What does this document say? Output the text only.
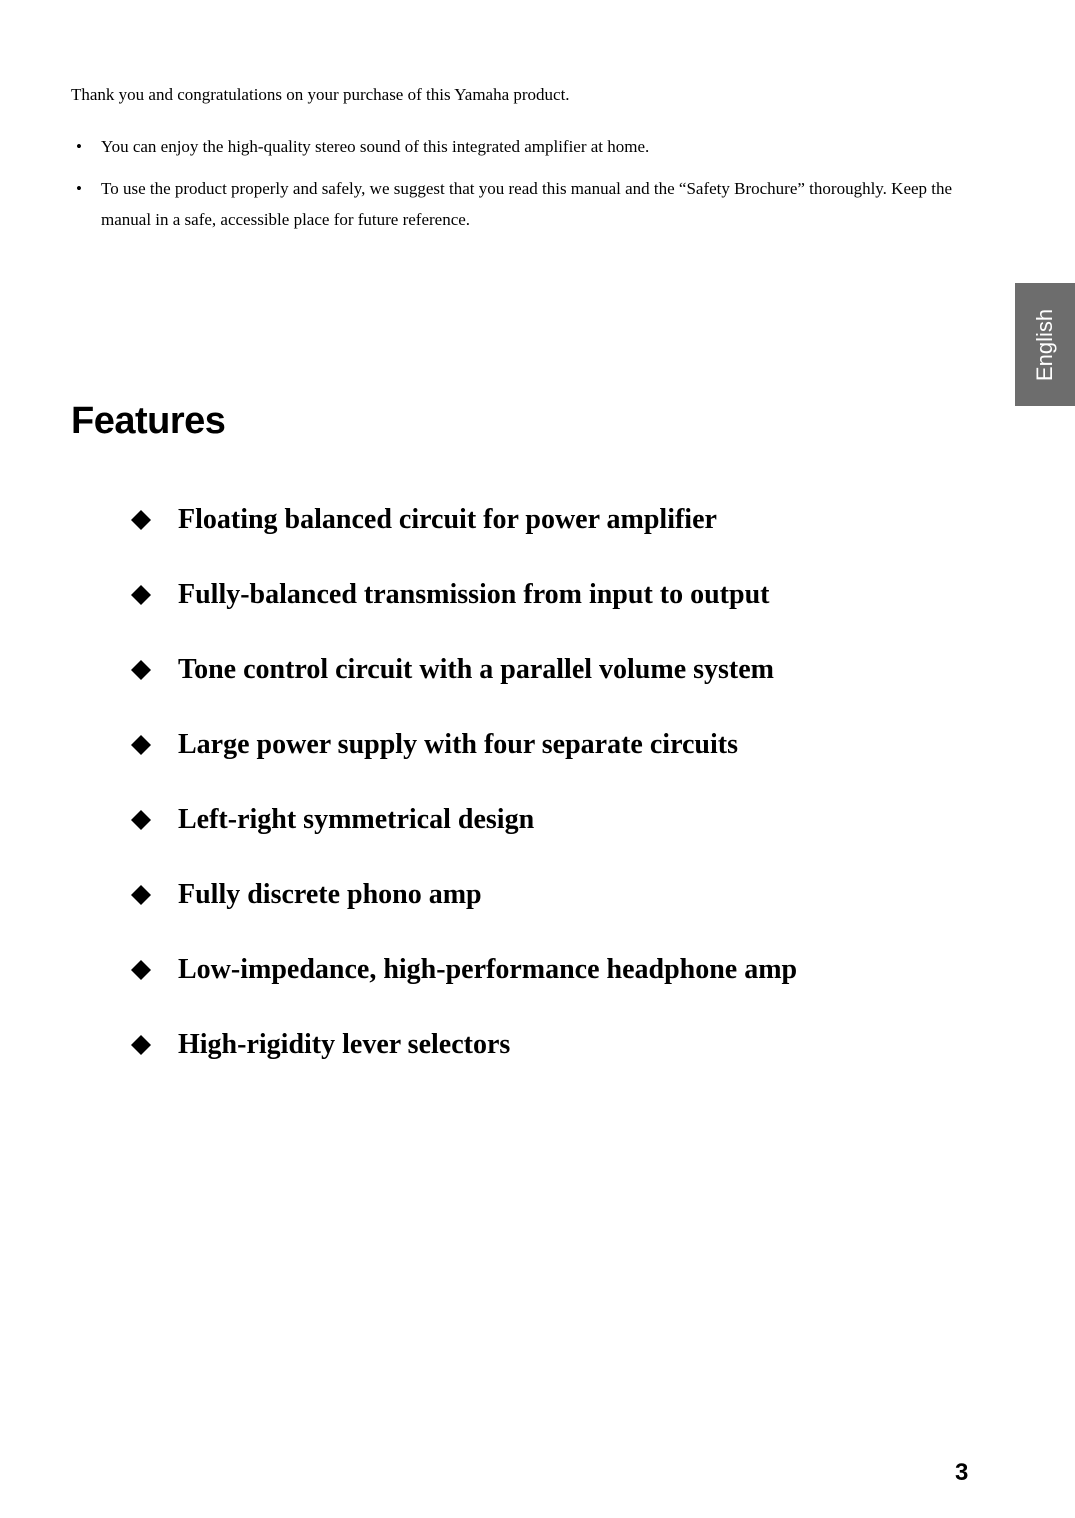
Thank you and congratulations on your purchase of this Yamaha product.
• You can enjoy the high-quality stereo sound of this integrated amplifier at home.
• To use the product properly and safely, we suggest that you read this manual and the “Safety Brochure” thoroughly. Keep the manual in a safe, accessible place for future reference.
English
Features
Floating balanced circuit for power amplifier
Fully-balanced transmission from input to output
Tone control circuit with a parallel volume system
Large power supply with four separate circuits
Left-right symmetrical design
Fully discrete phono amp
Low-impedance, high-performance headphone amp
High-rigidity lever selectors
3
